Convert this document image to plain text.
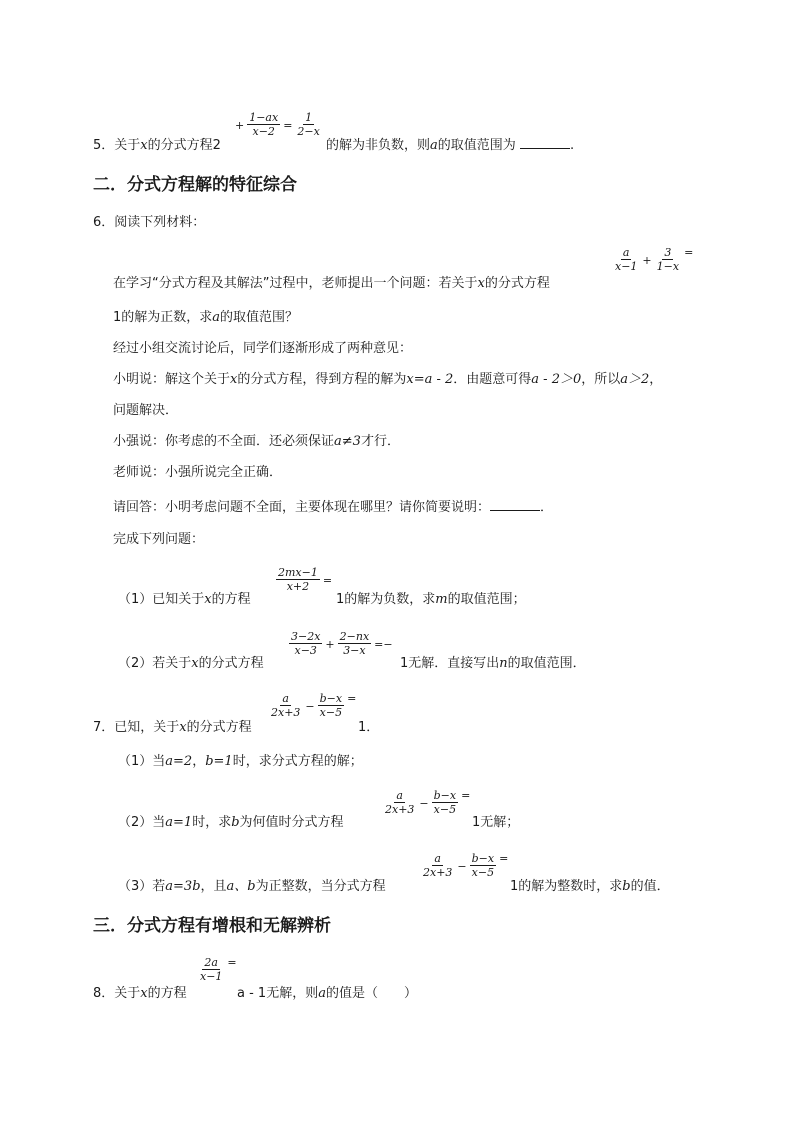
5．关于x的分式方程2
+ $\frac{1-ax}{x-2} = \frac{1}{2-x}$
的解为非负数，则a的取值范围为	.
二．分式方程解的特征综合
6．阅读下列材料：
在学习“分式方程及其解法”过程中，老师提出一个问题：若关于x的分式方程
a
$x-1 + \frac{3}{1-x}$ =
1的解为正数，求a的取值范围？
经过小组交流讨论后，同学们逐渐形成了两种意见：
小明说：解这个关于x的分式方程，得到方程的解为x=a - 2．由题意可得a - 2＞0，所以a＞2，
问题解决．
小强说：你考虑的不全面．还必须保证a≠3才行．
老师说：小强所说完全正确．
请回答：小明考虑问题不全面，主要体现在哪里？请你简要说明：	．
完成下列问题：
（1）已知关于x的方程
$\frac{2mx-1}{x+2}$ =
1的解为负数，求m的取值范围；
（2）若关于x的分式方程
3−2x
$x-3 + \frac{2-nx}{3-x}$ =−
1无解．直接写出n的取值范围．
7．已知，关于x的分式方程
a
$2x+3 - \frac{b-x}{x-5}$ =
1．
（1）当a=2，b=1时，求分式方程的解；
（2）当a=1时，求b为何值时分式方程
a
$2x+3 - \frac{b-x}{x-5}$ =
1无解；
（3）若a=3b，且a、b为正整数，当分式方程
a
$2x+3 - \frac{b-x}{x-5}$ =
1的解为整数时，求b的值．
三．分式方程有增根和无解辨析
8．关于x的方程
$\frac{2a}{x-1}$ =
a - 1无解，则a的值是（　　）
